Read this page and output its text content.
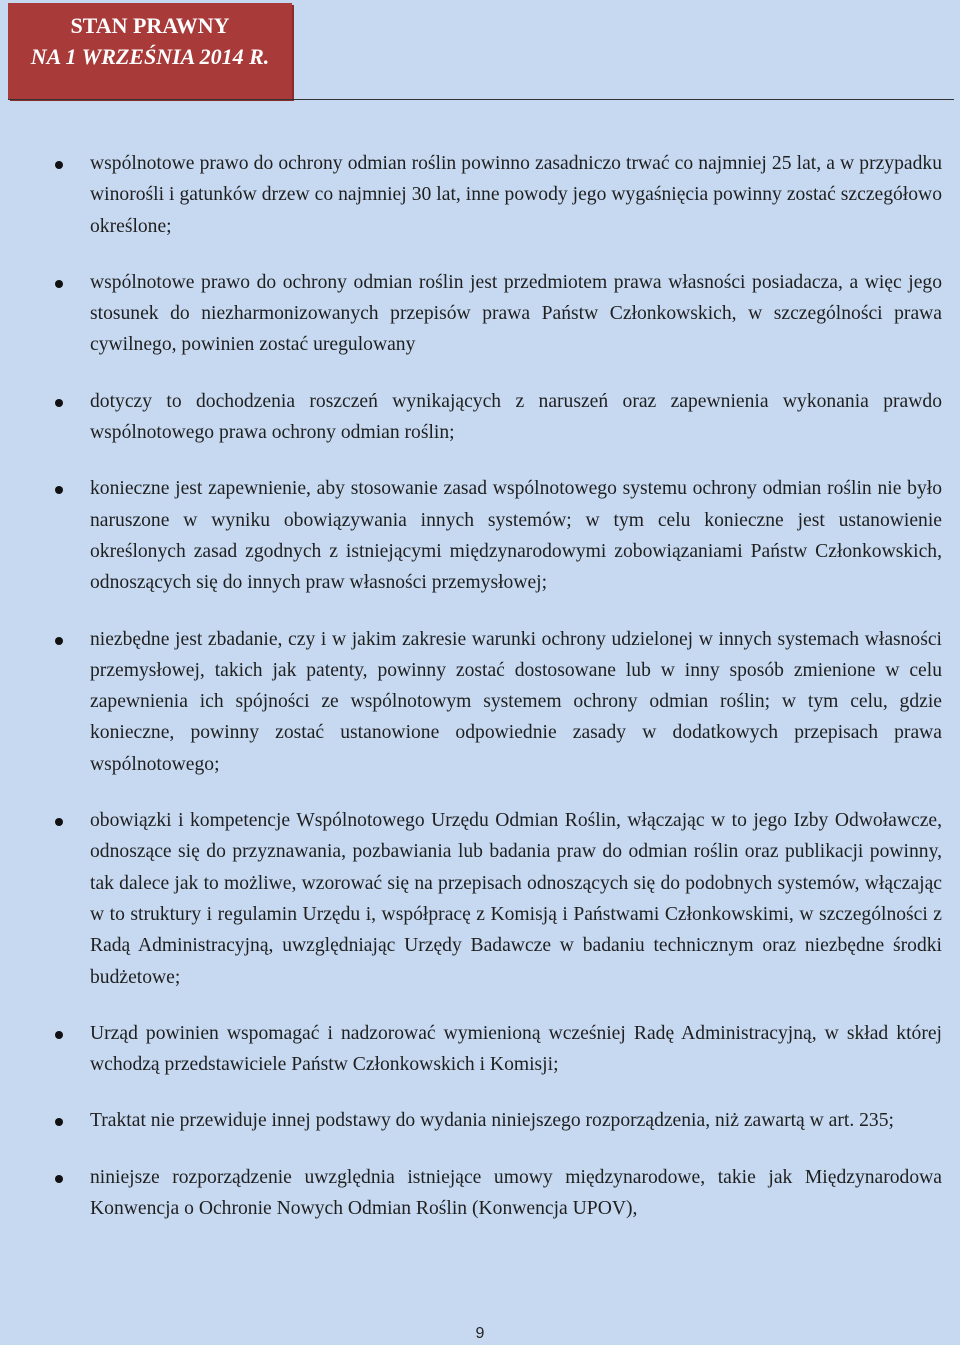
STAN PRAWNY
NA 1 WRZEŚNIA 2014 R.
wspólnotowe prawo do ochrony odmian roślin powinno zasadniczo trwać co najmniej 25 lat, a w przypadku winorośli i gatunków drzew co najmniej 30 lat, inne powody jego wygaśnięcia powinny zostać szczegółowo określone;
wspólnotowe prawo do ochrony odmian roślin jest przedmiotem prawa własności posiadacza, a więc jego stosunek do niezharmonizowanych przepisów prawa Państw Członkowskich, w szczególności prawa cywilnego, powinien zostać uregulowany
dotyczy to dochodzenia roszczeń wynikających z naruszeń oraz zapewnienia wykonania prawdo wspólnotowego prawa ochrony odmian roślin;
konieczne jest zapewnienie, aby stosowanie zasad wspólnotowego systemu ochrony odmian roślin nie było naruszone w wyniku obowiązywania innych systemów; w tym celu konieczne jest ustanowienie określonych zasad zgodnych z istniejącymi międzynarodowymi zobowiązaniami Państw Członkowskich, odnoszących się do innych praw własności przemysłowej;
niezbędne jest zbadanie, czy i w jakim zakresie warunki ochrony udzielonej w innych systemach własności przemysłowej, takich jak patenty, powinny zostać dostosowane lub w inny sposób zmienione w celu zapewnienia ich spójności ze wspólnotowym systemem ochrony odmian roślin; w tym celu, gdzie konieczne, powinny zostać ustanowione odpowiednie zasady w dodatkowych przepisach prawa wspólnotowego;
obowiązki i kompetencje Wspólnotowego Urzędu Odmian Roślin, włączając w to jego Izby Odwoławcze, odnoszące się do przyznawania, pozbawiania lub badania praw do odmian roślin oraz publikacji powinny, tak dalece jak to możliwe, wzorować się na przepisach odnoszących się do podobnych systemów, włączając w to struktury i regulamin Urzędu i, współpracę z Komisją i Państwami Członkowskimi, w szczególności z Radą Administracyjną, uwzględniając Urzędy Badawcze w badaniu technicznym oraz niezbędne środki budżetowe;
Urząd powinien wspomagać i nadzorować wymienioną wcześniej Radę Administracyjną, w skład której wchodzą przedstawiciele Państw Członkowskich i Komisji;
Traktat nie przewiduje innej podstawy do wydania niniejszego rozporządzenia, niż zawartą w art. 235;
niniejsze rozporządzenie uwzględnia istniejące umowy międzynarodowe, takie jak Międzynarodowa Konwencja o Ochronie Nowych Odmian Roślin (Konwencja UPOV),
9
